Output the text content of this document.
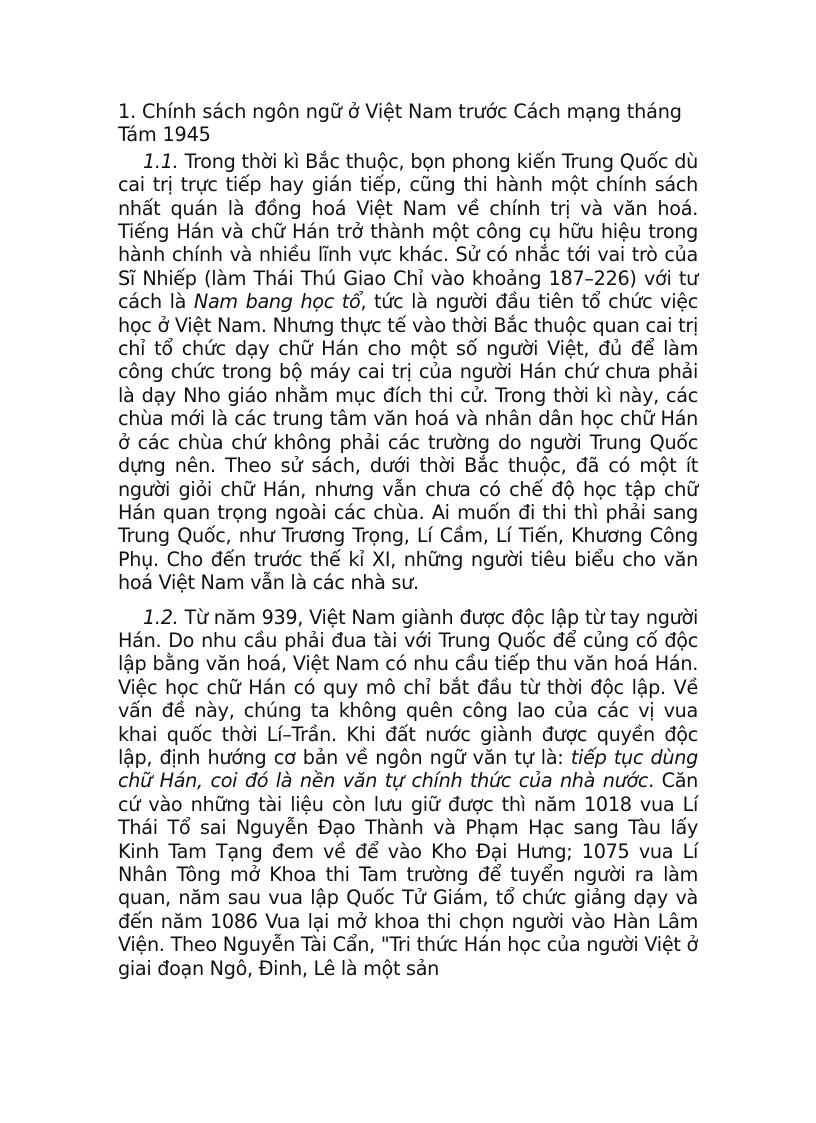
1. Chính sách ngôn ngữ ở Việt Nam trước Cách mạng tháng Tám 1945

1.1. Trong thời kì Bắc thuộc, bọn phong kiến Trung Quốc dù cai trị trực tiếp hay gián tiếp, cũng thi hành một chính sách nhất quán là đồng hoá Việt Nam về chính trị và văn hoá. Tiếng Hán và chữ Hán trở thành một công cụ hữu hiệu trong hành chính và nhiều lĩnh vực khác. Sử có nhắc tới vai trò của Sĩ Nhiếp (làm Thái Thú Giao Chỉ vào khoảng 187–226) với tư cách là Nam bang học tổ, tức là người đầu tiên tổ chức việc học ở Việt Nam. Nhưng thực tế vào thời Bắc thuộc quan cai trị chỉ tổ chức dạy chữ Hán cho một số người Việt, đủ để làm công chức trong bộ máy cai trị của người Hán chứ chưa phải là dạy Nho giáo nhằm mục đích thi cử. Trong thời kì này, các chùa mới là các trung tâm văn hoá và nhân dân học chữ Hán ở các chùa chứ không phải các trường do người Trung Quốc dựng nên. Theo sử sách, dưới thời Bắc thuộc, đã có một ít người giỏi chữ Hán, nhưng vẫn chưa có chế độ học tập chữ Hán quan trọng ngoài các chùa. Ai muốn đi thi thì phải sang Trung Quốc, như Trương Trọng, Lí Cầm, Lí Tiến, Khương Công Phụ. Cho đến trước thế kỉ XI, những người tiêu biểu cho văn hoá Việt Nam vẫn là các nhà sư.

1.2. Từ năm 939, Việt Nam giành được độc lập từ tay người Hán. Do nhu cầu phải đua tài với Trung Quốc để củng cố độc lập bằng văn hoá, Việt Nam có nhu cầu tiếp thu văn hoá Hán. Việc học chữ Hán có quy mô chỉ bắt đầu từ thời độc lập. Về vấn đề này, chúng ta không quên công lao của các vị vua khai quốc thời Lí–Trần. Khi đất nước giành được quyền độc lập, định hướng cơ bản về ngôn ngữ văn tự là: tiếp tục dùng chữ Hán, coi đó là nền văn tự chính thức của nhà nước. Căn cứ vào những tài liệu còn lưu giữ được thì năm 1018 vua Lí Thái Tổ sai Nguyễn Đạo Thành và Phạm Hạc sang Tàu lấy Kinh Tam Tạng đem về để vào Kho Đại Hưng; 1075 vua Lí Nhân Tông mở Khoa thi Tam trường để tuyển người ra làm quan, năm sau vua lập Quốc Tử Giám, tổ chức giảng dạy và đến năm 1086 Vua lại mở khoa thi chọn người vào Hàn Lâm Viện. Theo Nguyễn Tài Cẩn, "Tri thức Hán học của người Việt ở giai đoạn Ngô, Đinh, Lê là một sản
